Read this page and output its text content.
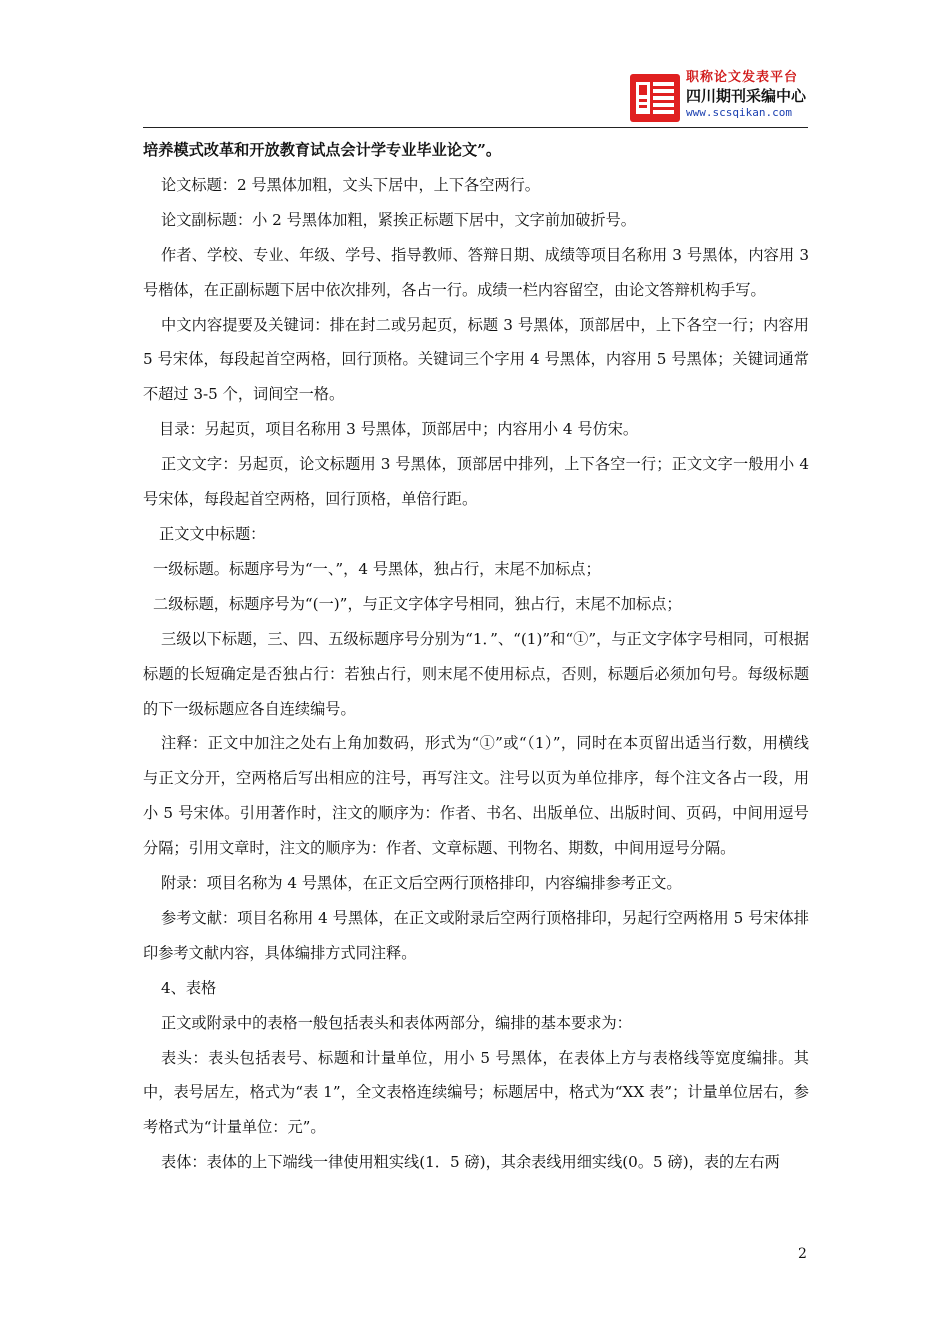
职称论文发表平台
四川期刊采编中心
www.scsqikan.com

培养模式改革和开放教育试点会计学专业毕业论文”。

论文标题：2 号黑体加粗，文头下居中，上下各空两行。

论文副标题：小 2 号黑体加粗，紧挨正标题下居中，文字前加破折号。

作者、学校、专业、年级、学号、指导教师、答辩日期、成绩等项目名称用 3 号黑体，内容用 3 号楷体，在正副标题下居中依次排列，各占一行。成绩一栏内容留空，由论文答辩机构手写。

中文内容提要及关键词：排在封二或另起页，标题 3 号黑体，顶部居中，上下各空一行；内容用 5 号宋体，每段起首空两格，回行顶格。关键词三个字用 4 号黑体，内容用 5 号黑体；关键词通常不超过 3-5 个，词间空一格。

目录：另起页，项目名称用 3 号黑体，顶部居中；内容用小 4 号仿宋。

正文文字：另起页，论文标题用 3 号黑体，顶部居中排列，上下各空一行；正文文字一般用小 4 号宋体，每段起首空两格，回行顶格，单倍行距。

正文文中标题：

一级标题。标题序号为“一、”，4 号黑体，独占行，末尾不加标点；

二级标题，标题序号为“(一)”，与正文字体字号相同，独占行，末尾不加标点；

三级以下标题，三、四、五级标题序号分别为“1．”、“(1)”和“①”，与正文字体字号相同，可根据标题的长短确定是否独占行：若独占行，则末尾不使用标点，否则，标题后必须加句号。每级标题的下一级标题应各自连续编号。

注释：正文中加注之处右上角加数码，形式为“①”或“（1）”，同时在本页留出适当行数，用横线与正文分开，空两格后写出相应的注号，再写注文。注号以页为单位排序，每个注文各占一段，用小 5 号宋体。引用著作时，注文的顺序为：作者、书名、出版单位、出版时间、页码，中间用逗号分隔；引用文章时，注文的顺序为：作者、文章标题、刊物名、期数，中间用逗号分隔。

附录：项目名称为 4 号黑体，在正文后空两行顶格排印，内容编排参考正文。

参考文献：项目名称用 4 号黑体，在正文或附录后空两行顶格排印，另起行空两格用 5 号宋体排印参考文献内容，具体编排方式同注释。

4、表格

正文或附录中的表格一般包括表头和表体两部分，编排的基本要求为：

表头：表头包括表号、标题和计量单位，用小 5 号黑体，在表体上方与表格线等宽度编排。其中，表号居左，格式为“表 1”，全文表格连续编号；标题居中，格式为“XX 表”；计量单位居右，参考格式为“计量单位：元”。

表体：表体的上下端线一律使用粗实线(1．5 磅)，其余表线用细实线(0。5 磅)，表的左右两

2
